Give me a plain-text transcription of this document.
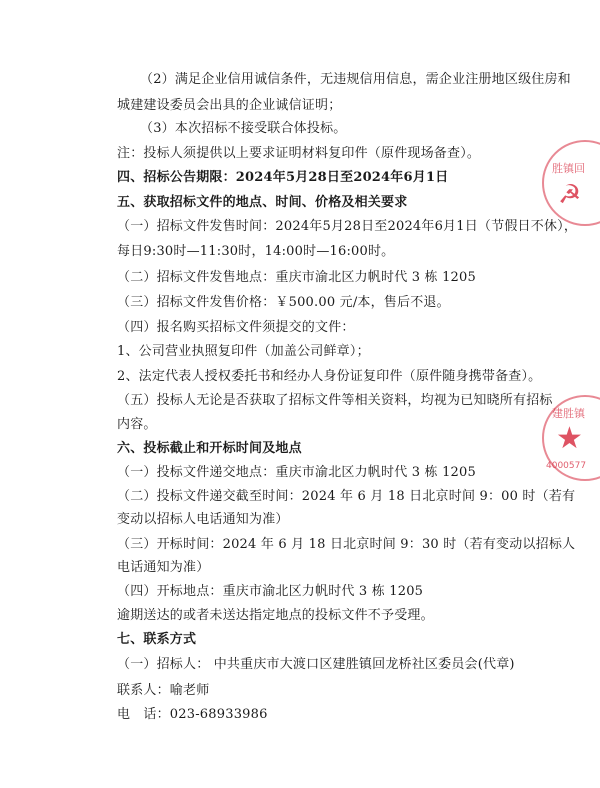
（2）满足企业信用诚信条件，无违规信用信息，需企业注册地区级住房和
城建建设委员会出具的企业诚信证明；
（3）本次招标不接受联合体投标。
注：投标人须提供以上要求证明材料复印件（原件现场备查）。
四、招标公告期限：2024年5月28日至2024年6月1日
五、获取招标文件的地点、时间、价格及相关要求
（一）招标文件发售时间：2024年5月28日至2024年6月1日（节假日不休），
每日9:30时—11:30时，14:00时—16:00时。
（二）招标文件发售地点：重庆市渝北区力帆时代 3 栋 1205
（三）招标文件发售价格：￥500.00 元/本，售后不退。
（四）报名购买招标文件须提交的文件：
1、公司营业执照复印件（加盖公司鲜章）；
2、法定代表人授权委托书和经办人身份证复印件（原件随身携带备查）。
（五）投标人无论是否获取了招标文件等相关资料，均视为已知晓所有招标
内容。
六、投标截止和开标时间及地点
（一）投标文件递交地点：重庆市渝北区力帆时代 3 栋 1205
（二）投标文件递交截至时间：2024 年 6 月 18 日北京时间 9：00 时（若有
变动以招标人电话通知为准）
（三）开标时间：2024 年 6 月 18 日北京时间 9：30 时（若有变动以招标人
电话通知为准）
（四）开标地点：重庆市渝北区力帆时代 3 栋 1205
逾期送达的或者未送达指定地点的投标文件不予受理。
七、联系方式
（一）招标人： 中共重庆市大渡口区建胜镇回龙桥社区委员会(代章)
联系人：喻老师
电　话：023-68933986
胜镇回
☭
建胜镇
★
4000577
